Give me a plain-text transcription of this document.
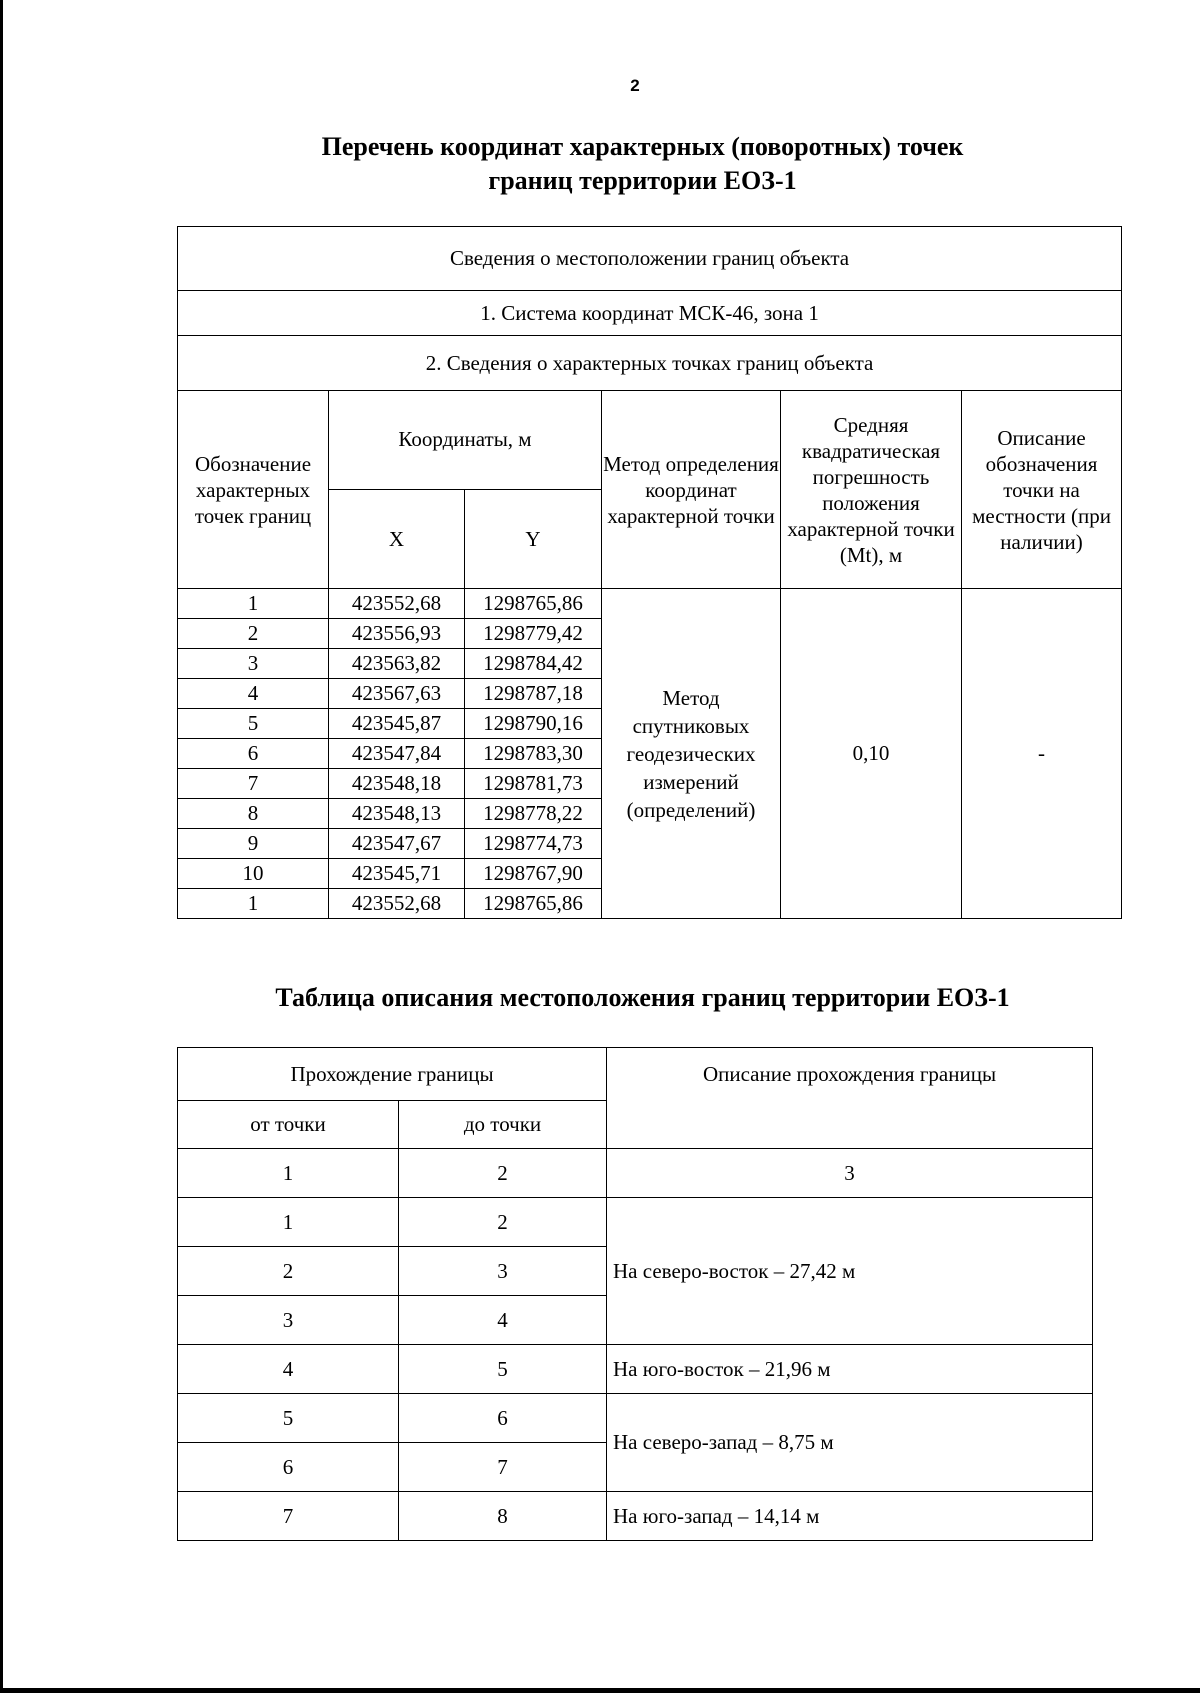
2
Перечень координат характерных (поворотных) точек
границ территории ЕОЗ-1
Сведения о местоположении границ объекта					
1. Система координат МСК-46, зона 1					
2. Сведения о характерных точках границ объекта					
Обозначение характерных точек границ	Координаты, м		Метод определения координат характерной точки	Средняя квадратическая погрешность положения характерной точки (Mt), м	Описание обозначения точки на местности (при наличии)
	X	Y			
1	423552,68	1298765,86	Метод спутниковых геодезических измерений (определений)	0,10	-
2	423556,93	1298779,42			
3	423563,82	1298784,42			
4	423567,63	1298787,18			
5	423545,87	1298790,16			
6	423547,84	1298783,30			
7	423548,18	1298781,73			
8	423548,13	1298778,22			
9	423547,67	1298774,73			
10	423545,71	1298767,90			
1	423552,68	1298765,86			
Таблица описания местоположения границ территории ЕОЗ-1
Прохождение границы		Описание прохождения границы
от точки	до точки	
1	2	3
1	2	На северо-восток – 27,42 м
2	3	
3	4	
4	5	На юго-восток – 21,96 м
5	6	На северо-запад – 8,75 м
6	7	
7	8	На юго-запад – 14,14 м
